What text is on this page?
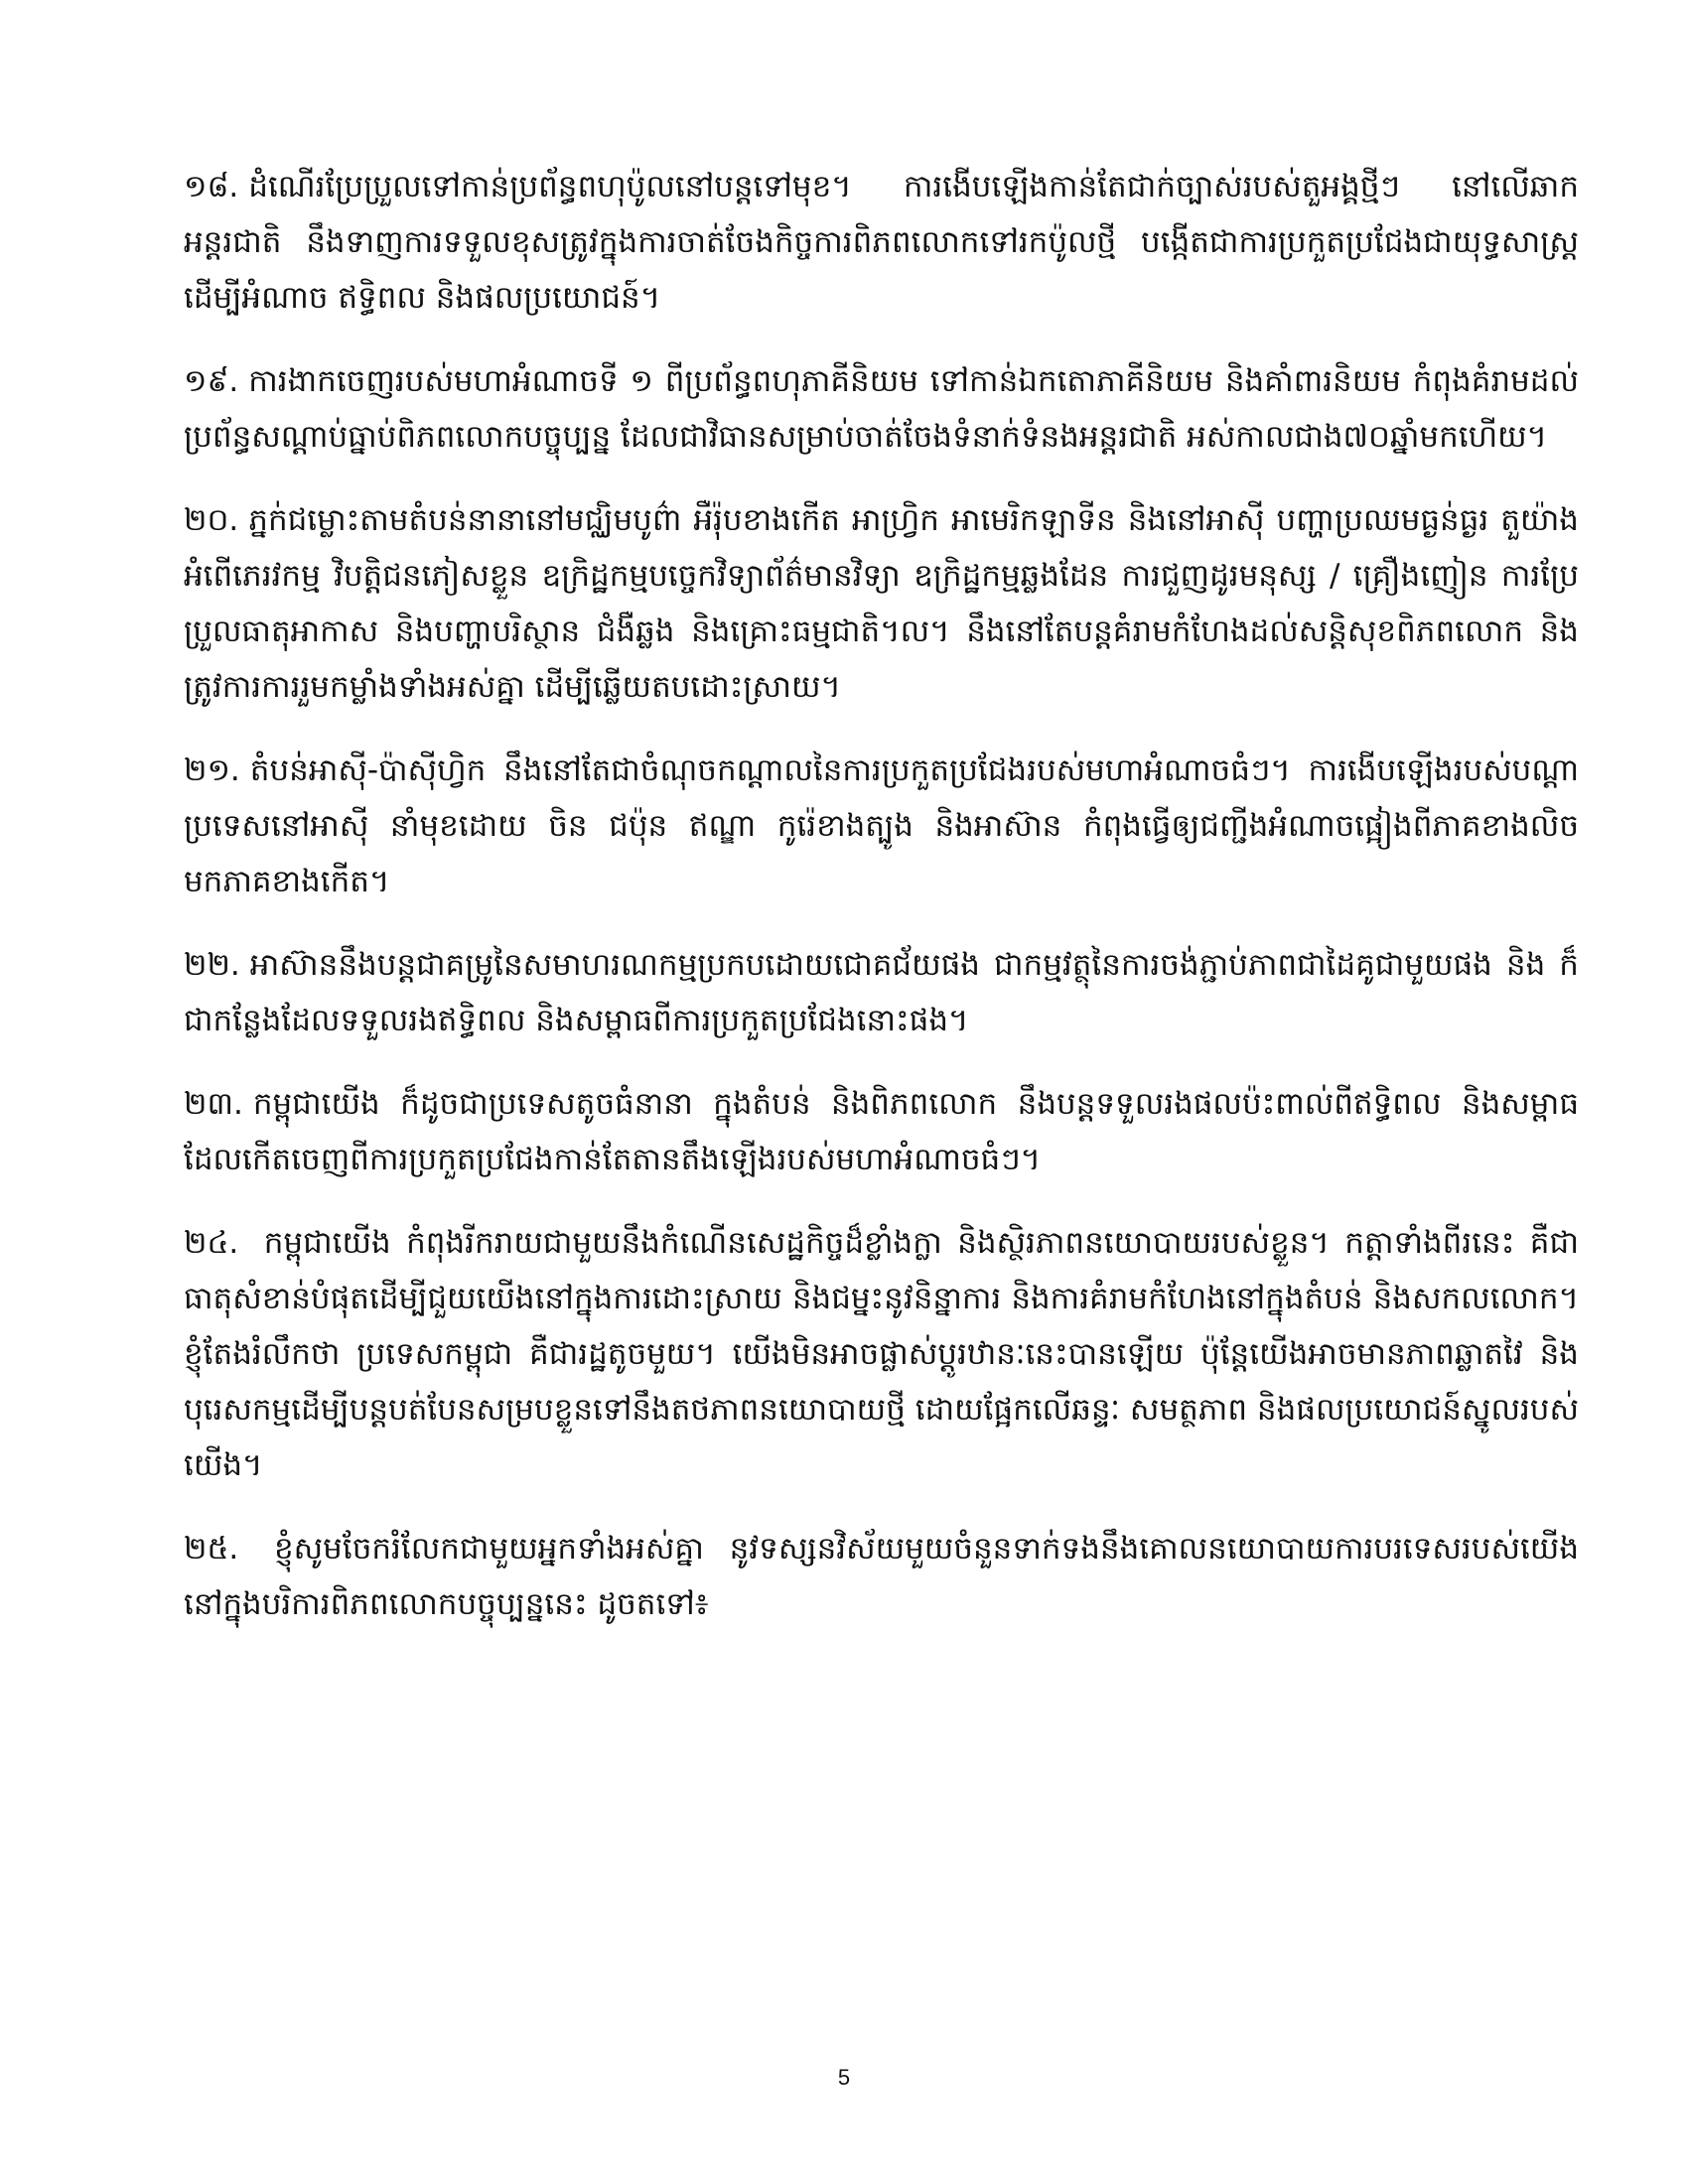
១៨. ដំណើរប្រែប្រួលទៅកាន់ប្រព័ន្ធពហុប៉ូលនៅបន្តទៅមុខ។ ការងើបឡើងកាន់តែជាក់ច្បាស់របស់តួអង្គថ្មីៗ នៅលើឆាកអន្តរជាតិ នឹងទាញការទទួលខុសត្រូវក្នុងការចាត់ចែងកិច្ចការពិភពលោកទៅរកប៉ូលថ្មី បង្កើតជាការប្រកួតប្រជែងជាយុទ្ធសាស្ត្រ ដើម្បីអំណាច ឥទ្ធិពល និងផលប្រយោជន៍។

១៩. ការងាកចេញរបស់មហាអំណាចទី ១ ពីប្រព័ន្ធពហុភាគីនិយម ទៅកាន់ឯកតោភាគីនិយម និងគាំពារនិយម កំពុងគំរាមដល់ប្រព័ន្ធសណ្តាប់ធ្នាប់ពិភពលោកបច្ចុប្បន្ន ដែលជាវិធានសម្រាប់ចាត់ចែងទំនាក់ទំនងអន្តរជាតិ អស់កាលជាង៧០ឆ្នាំមកហើយ។

២០. ភ្នក់ជម្លោះតាមតំបន់នានានៅមជ្ឈិមបូព៌ា អឺរ៉ុបខាងកើត អាហ្វ្រិក អាមេរិកឡាទីន និងនៅអាស៊ី បញ្ហាប្រឈមធ្ងន់ធ្ងរ តួយ៉ាង អំពើភេរវកម្ម វិបត្តិជនភៀសខ្លួន ឧក្រិដ្ឋកម្មបច្ចេកវិទ្យាព័ត៌មានវិទ្យា ឧក្រិដ្ឋកម្មឆ្លងដែន ការជួញដូរមនុស្ស / គ្រឿងញៀន ការប្រែប្រួលធាតុអាកាស និងបញ្ហាបរិស្ថាន ជំងឺឆ្លង និងគ្រោះធម្មជាតិ។ល។ នឹងនៅតែបន្តគំរាមកំហែងដល់សន្តិសុខពិភពលោក និងត្រូវការការរួមកម្លាំងទាំងអស់គ្នា ដើម្បីឆ្លើយតបដោះស្រាយ។

២១. តំបន់អាស៊ី-ប៉ាស៊ីហ្វិក នឹងនៅតែជាចំណុចកណ្តាលនៃការប្រកួតប្រជែងរបស់មហាអំណាចធំៗ។ ការងើបឡើងរបស់បណ្តាប្រទេសនៅអាស៊ី នាំមុខដោយ ចិន ជប៉ុន ឥណ្ឌា កូរ៉េខាងត្បូង និងអាស៊ាន កំពុងធ្វើឲ្យជញ្ជីងអំណាចផ្អៀងពីភាគខាងលិច មកភាគខាងកើត។

២២. អាស៊ាននឹងបន្តជាគម្រូនៃសមាហរណកម្មប្រកបដោយជោគជ័យផង ជាកម្មវត្ថុនៃការចង់ភ្ជាប់ភាពជាដៃគូជាមួយផង និង ក៏ជាកន្លែងដែលទទួលរងឥទ្ធិពល និងសម្ពាធពីការប្រកួតប្រជែងនោះផង។

២៣. កម្ពុជាយើង ក៏ដូចជាប្រទេសតូចធំនានា ក្នុងតំបន់ និងពិភពលោក នឹងបន្តទទួលរងផលប៉ះពាល់ពីឥទ្ធិពល និងសម្ពាធ ដែលកើតចេញពីការប្រកួតប្រជែងកាន់តែតានតឹងឡើងរបស់មហាអំណាចធំៗ។

២៤. កម្ពុជាយើង កំពុងរីករាយជាមួយនឹងកំណើនសេដ្ឋកិច្ចដ៏ខ្លាំងក្លា និងស្ថិរភាពនយោបាយរបស់ខ្លួន។ កត្តាទាំងពីរនេះ គឺជាធាតុសំខាន់បំផុតដើម្បីជួយយើងនៅក្នុងការដោះស្រាយ និងជម្នះនូវនិន្នាការ និងការគំរាមកំហែងនៅក្នុងតំបន់ និងសកលលោក។ ខ្ញុំតែងរំលឹកថា ប្រទេសកម្ពុជា គឺជារដ្ឋតូចមួយ។ យើងមិនអាចផ្លាស់ប្តូរឋានៈនេះបានឡើយ ប៉ុន្តែយើងអាចមានភាពឆ្លាតវៃ និងបុរេសកម្មដើម្បីបន្តបត់បែនសម្របខ្លួនទៅនឹងតថភាពនយោបាយថ្មី ដោយផ្អែកលើឆន្ទៈ សមត្ថភាព និងផលប្រយោជន៍ស្នូលរបស់យើង។

២៥. ខ្ញុំសូមចែករំលែកជាមួយអ្នកទាំងអស់គ្នា នូវទស្សនវិស័យមួយចំនួនទាក់ទងនឹងគោលនយោបាយការបរទេសរបស់យើង នៅក្នុងបរិការពិភពលោកបច្ចុប្បន្ននេះ ដូចតទៅ៖

5
